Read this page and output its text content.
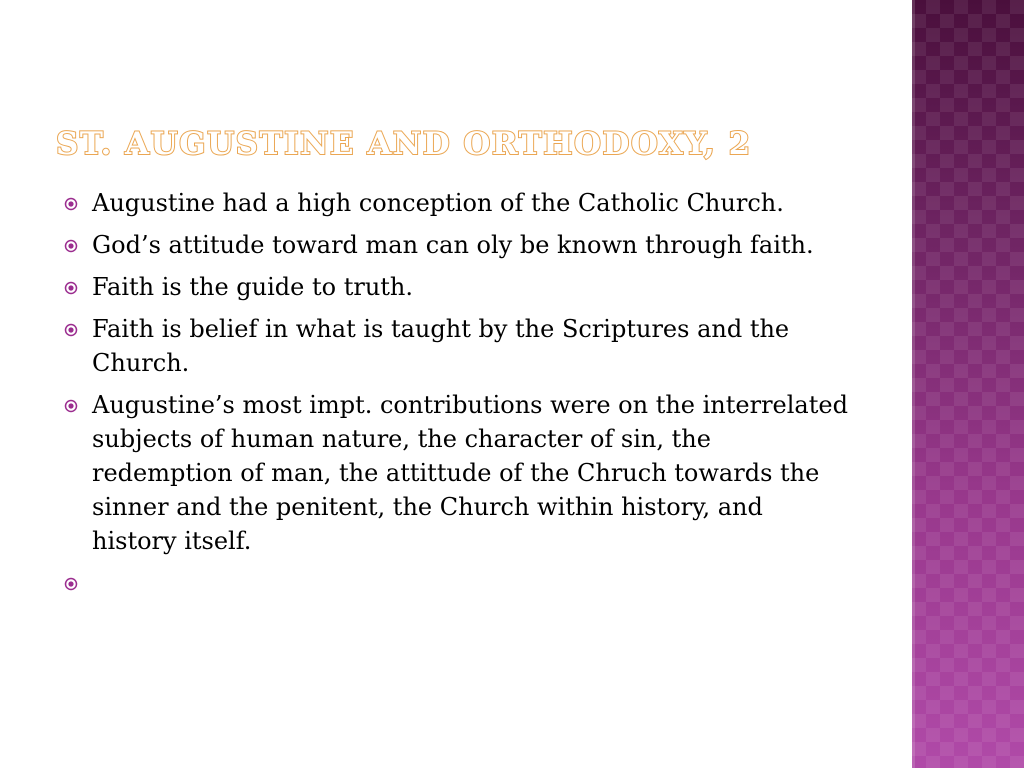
ST. AUGUSTINE AND ORTHODOXY, 2
Augustine had a high conception of the Catholic Church.
God’s attitude toward man can oly be known through faith.
Faith is the guide to truth.
Faith is belief in what is taught by the Scriptures and the Church.
Augustine’s most impt. contributions were on the interrelated subjects of human nature, the character of sin, the redemption of man, the attittude of the Chruch towards the sinner and the penitent, the Church within history, and history itself.
